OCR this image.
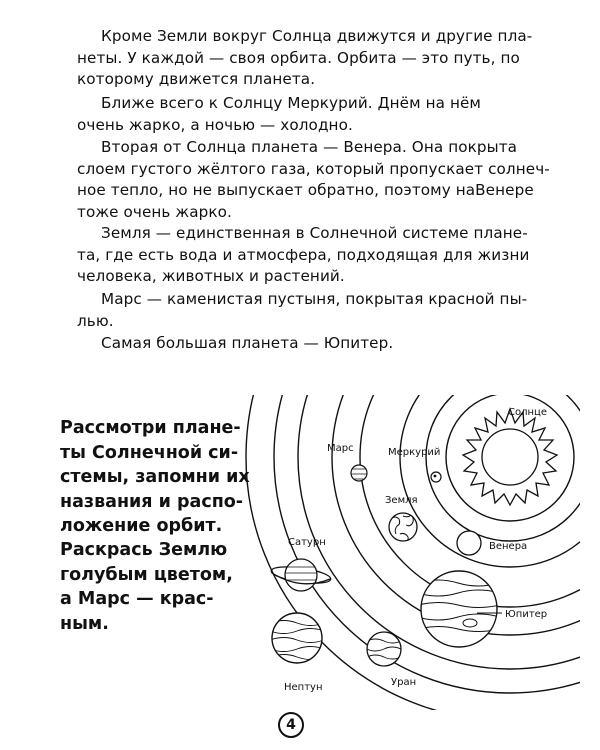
Кроме Земли вокруг Солнца движутся и другие пла-
неты. У каждой — своя орбита. Орбита — это путь, по
которому движется планета.
Ближе всего к Солнцу Меркурий. Днём на нём
очень жарко, а ночью — холодно.
Вторая от Солнца планета — Венера. Она покрыта
слоем густого жёлтого газа, который пропускает солнеч-
ное тепло, но не выпускает обратно, поэтому наВенере
тоже очень жарко.
Земля — единственная в Солнечной системе плане-
та, где есть вода и атмосфера, подходящая для жизни
человека, животных и растений.
Марс — каменистая пустыня, покрытая красной пы-
лью.
Самая большая планета — Юпитер.
Рассмотри плане-
ты Солнечной си-
стемы, запомни их
названия и распо-
ложение орбит.
Раскрась Землю
голубым цветом,
а Марс — крас-
ным.
Солнце
Меркурий
Венера
Земля
Марс
Юпитер
Сатурн
Уран
Нептун
4
